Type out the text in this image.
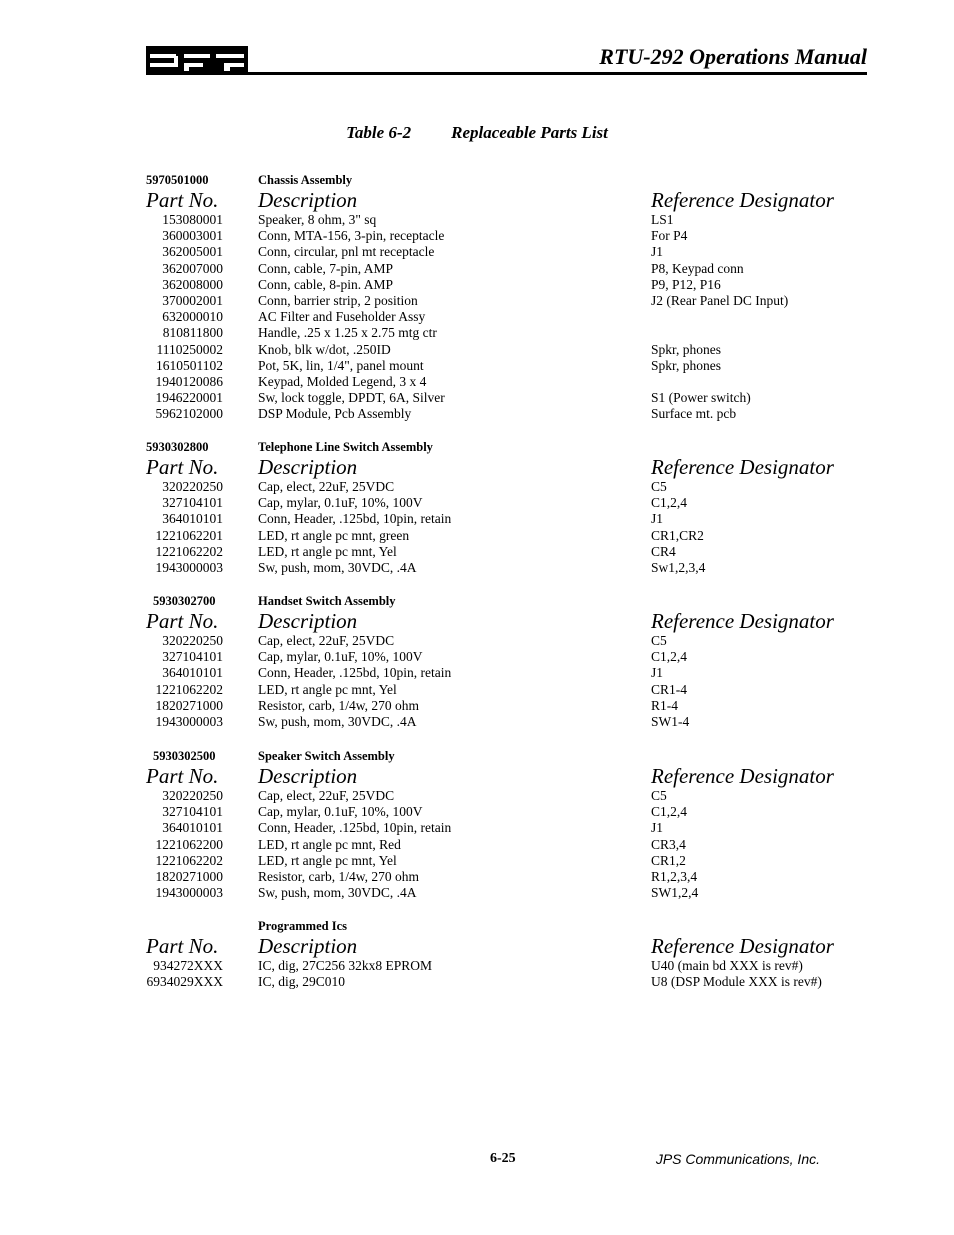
RTU-292 Operations Manual
Table 6-2 Replaceable Parts List
5970501000	Chassis Assembly
Part No. Description	Reference Designator
153080001	Speaker, 8 ohm, 3" sq	LS1
360003001	Conn, MTA-156, 3-pin, receptacle	For P4
362005001	Conn, circular, pnl mt receptacle	J1
362007000	Conn, cable, 7-pin, AMP	P8, Keypad conn
362008000	Conn, cable, 8-pin. AMP	P9, P12, P16
370002001	Conn, barrier strip, 2 position	J2 (Rear Panel DC Input)
632000010	AC Filter and Fuseholder Assy
810811800	Handle, .25 x 1.25 x 2.75 mtg ctr
1110250002	Knob, blk w/dot, .250ID	Spkr, phones
1610501102	Pot, 5K, lin, 1/4", panel mount	Spkr, phones
1940120086	Keypad, Molded Legend, 3 x 4
1946220001	Sw, lock toggle, DPDT, 6A, Silver	S1 (Power switch)
5962102000	DSP Module, Pcb Assembly	Surface mt. pcb
5930302800	Telephone Line Switch Assembly
Part No. Description	Reference Designator
320220250	Cap, elect, 22uF, 25VDC	C5
327104101	Cap, mylar, 0.1uF, 10%, 100V	C1,2,4
364010101	Conn, Header, .125bd, 10pin, retain	J1
1221062201	LED, rt angle pc mnt, green	CR1,CR2
1221062202	LED, rt angle pc mnt, Yel	CR4
1943000003	Sw, push, mom, 30VDC, .4A	Sw1,2,3,4
5930302700	Handset Switch Assembly
Part No. Description	Reference Designator
320220250	Cap, elect, 22uF, 25VDC	C5
327104101	Cap, mylar, 0.1uF, 10%, 100V	C1,2,4
364010101	Conn, Header, .125bd, 10pin, retain	J1
1221062202	LED, rt angle pc mnt, Yel	CR1-4
1820271000	Resistor, carb, 1/4w, 270 ohm	R1-4
1943000003	Sw, push, mom, 30VDC, .4A	SW1-4
5930302500	Speaker Switch Assembly
Part No. Description	Reference Designator
320220250	Cap, elect, 22uF, 25VDC	C5
327104101	Cap, mylar, 0.1uF, 10%, 100V	C1,2,4
364010101	Conn, Header, .125bd, 10pin, retain	J1
1221062200	LED, rt angle pc mnt, Red	CR3,4
1221062202	LED, rt angle pc mnt, Yel	CR1,2
1820271000	Resistor, carb, 1/4w, 270 ohm	R1,2,3,4
1943000003	Sw, push, mom, 30VDC, .4A	SW1,2,4
Programmed Ics
Part No. Description	Reference Designator
934272XXX	IC, dig, 27C256 32kx8 EPROM	U40 (main bd XXX is rev#)
6934029XXX	IC, dig, 29C010	U8 (DSP Module XXX is rev#)
6-25	JPS Communications, Inc.
